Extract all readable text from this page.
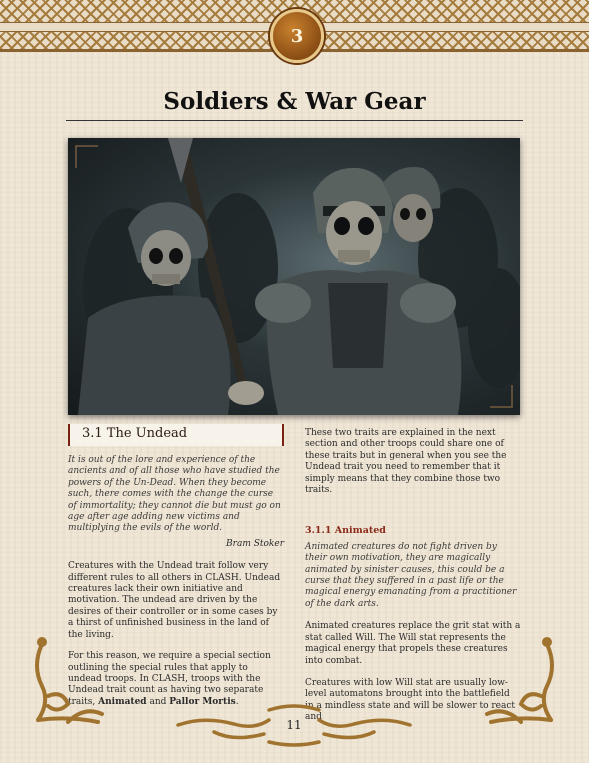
3
Soldiers & War Gear
3.1 The Undead

It is out of the lore and experience of the ancients and of all those who have studied the powers of the Un-Dead. When they become such, there comes with the change the curse of immortality; they cannot die but must go on age after age adding new victims and multiplying the evils of the world.

Bram Stoker

Creatures with the Undead trait follow very different rules to all others in CLASH. Undead creatures lack their own initiative and motivation. The undead are driven by the desires of their controller or in some cases by a thirst of unfinished business in the land of the living.

For this reason, we require a special section outlining the special rules that apply to undead troops. In CLASH, troops with the Undead trait count as having two separate traits, Animated and Pallor Mortis.

These two traits are explained in the next section and other troops could share one of these traits but in general when you see the Undead trait you need to remember that it simply means that they combine those two traits.

3.1.1 Animated

Animated creatures do not fight driven by their own motivation, they are magically animated by sinister causes, this could be a curse that they suffered in a past life or the magical energy emanating from a practitioner of the dark arts.

Animated creatures replace the grit stat with a stat called Will. The Will stat represents the magical energy that propels these creatures into combat.

Creatures with low Will stat are usually low-level automatons brought into the battlefield in a mindless state and will be slower to react and

11
